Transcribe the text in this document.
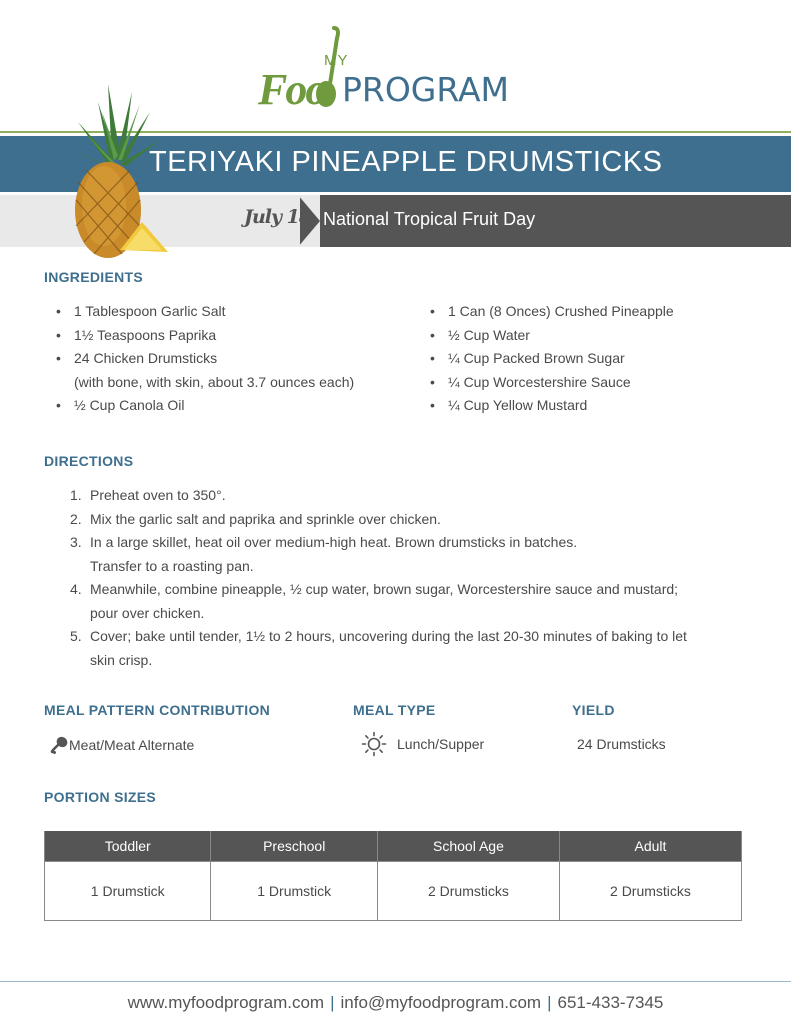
MY
Foo PROGRAM
TERIYAKI PINEAPPLE DRUMSTICKS
July 18 National Tropical Fruit Day
INGREDIENTS
• 1 Tablespoon Garlic Salt
• 1½ Teaspoons Paprika
• 24 Chicken Drumsticks
(with bone, with skin, about 3.7 ounces each)
• ½ Cup Canola Oil
• 1 Can (8 Onces) Crushed Pineapple
• ½ Cup Water
• ¼ Cup Packed Brown Sugar
• ¼ Cup Worcestershire Sauce
• ¼ Cup Yellow Mustard
DIRECTIONS
1. Preheat oven to 350°.
2. Mix the garlic salt and paprika and sprinkle over chicken.
3. In a large skillet, heat oil over medium-high heat. Brown drumsticks in batches.
Transfer to a roasting pan.
4. Meanwhile, combine pineapple, ½ cup water, brown sugar, Worcestershire sauce and mustard;
pour over chicken.
5. Cover; bake until tender, 1½ to 2 hours, uncovering during the last 20-30 minutes of baking to let
skin crisp.
MEAL PATTERN CONTRIBUTION	MEAL TYPE	YIELD
Meat/Meat Alternate	Lunch/Supper	24 Drumsticks
PORTION SIZES
Toddler	Preschool	School Age	Adult
1 Drumstick	1 Drumstick	2 Drumsticks	2 Drumsticks
www.myfoodprogram.com | info@myfoodprogram.com | 651-433-7345
